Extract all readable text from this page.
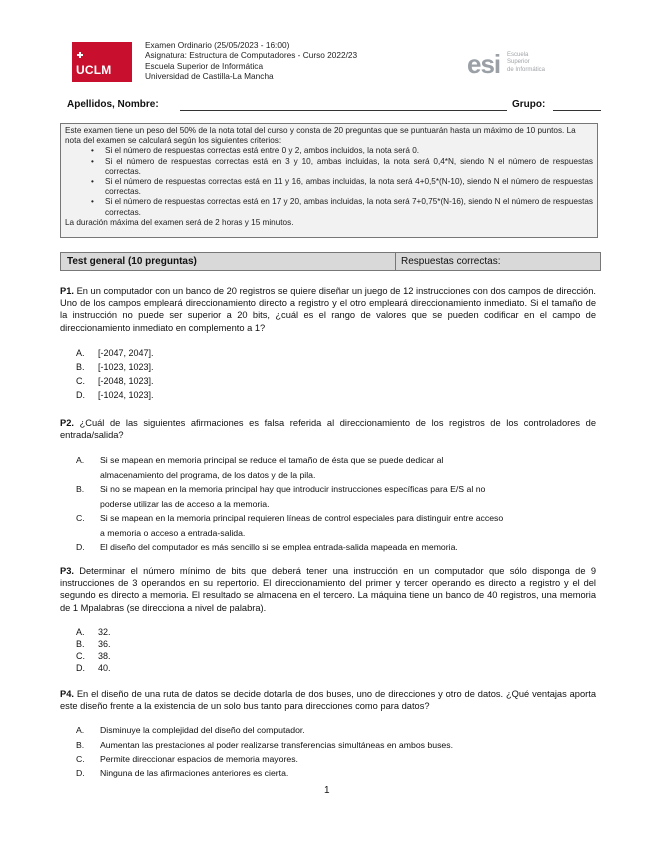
UCLM
Examen Ordinario (25/05/2023 - 16:00)
Asignatura: Estructura de Computadores - Curso 2022/23
Escuela Superior de Informática
Universidad de Castilla-La Mancha	esi Escuela
Superior
de Informática
Apellidos, Nombre:	Grupo:

Este examen tiene un peso del 50% de la nota total del curso y consta de 20 preguntas que se puntuarán hasta un máximo de 10 puntos. La nota del examen se calculará según los siguientes criterios:

• Si el número de respuestas correctas está entre 0 y 2, ambos incluidos, la nota será 0.
• Si el número de respuestas correctas está en 3 y 10, ambas incluidas, la nota será 0,4*N, siendo N el número de respuestas correctas.
• Si el número de respuestas correctas está en 11 y 16, ambas incluidas, la nota será 4+0,5*(N-10), siendo N el número de respuestas correctas.
• Si el número de respuestas correctas está en 17 y 20, ambas incluidas, la nota será 7+0,75*(N-16), siendo N el número de respuestas correctas.

La duración máxima del examen será de 2 horas y 15 minutos.

Test general (10 preguntas)	Respuestas correctas:
P1. En un computador con un banco de 20 registros se quiere diseñar un juego de 12 instrucciones con dos campos de dirección. Uno de los campos empleará direccionamiento directo a registro y el otro empleará direccionamiento inmediato. Si el tamaño de la instrucción no puede ser superior a 20 bits, ¿cuál es el rango de valores que se pueden codificar en el campo de direccionamiento inmediato en complemento a 1?
A. [-2047, 2047].
B. [-1023, 1023].
C. [-2048, 1023].
D. [-1024, 1023].
P2. ¿Cuál de las siguientes afirmaciones es falsa referida al direccionamiento de los registros de los controladores de entrada/salida?
A.	Si se mapean en memoria principal se reduce el tamaño de ésta que se puede dedicar al
almacenamiento del programa, de los datos y de la pila.
B.	Si no se mapean en la memoria principal hay que introducir instrucciones específicas para E/S al no
poderse utilizar las de acceso a la memoria.
C.	Si se mapean en la memoria principal requieren líneas de control especiales para distinguir entre acceso
a memoria o acceso a entrada-salida.
D.	El diseño del computador es más sencillo si se emplea entrada-salida mapeada en memoria.
P3. Determinar el número mínimo de bits que deberá tener una instrucción en un computador que sólo disponga de 9 instrucciones de 3 operandos en su repertorio. El direccionamiento del primer y tercer operando es directo a registro y el del segundo es directo a memoria. El resultado se almacena en el tercero. La máquina tiene un banco de 40 registros, una memoria de 1 Mpalabras (se direcciona a nivel de palabra).
A. 32.
B. 36.
C. 38.
D. 40.
P4. En el diseño de una ruta de datos se decide dotarla de dos buses, uno de direcciones y otro de datos. ¿Qué ventajas aporta este diseño frente a la existencia de un solo bus tanto para direcciones como para datos?
A.	Disminuye la complejidad del diseño del computador.
B.	Aumentan las prestaciones al poder realizarse transferencias simultáneas en ambos buses.
C.	Permite direccionar espacios de memoria mayores.
D.	Ninguna de las afirmaciones anteriores es cierta.
1
